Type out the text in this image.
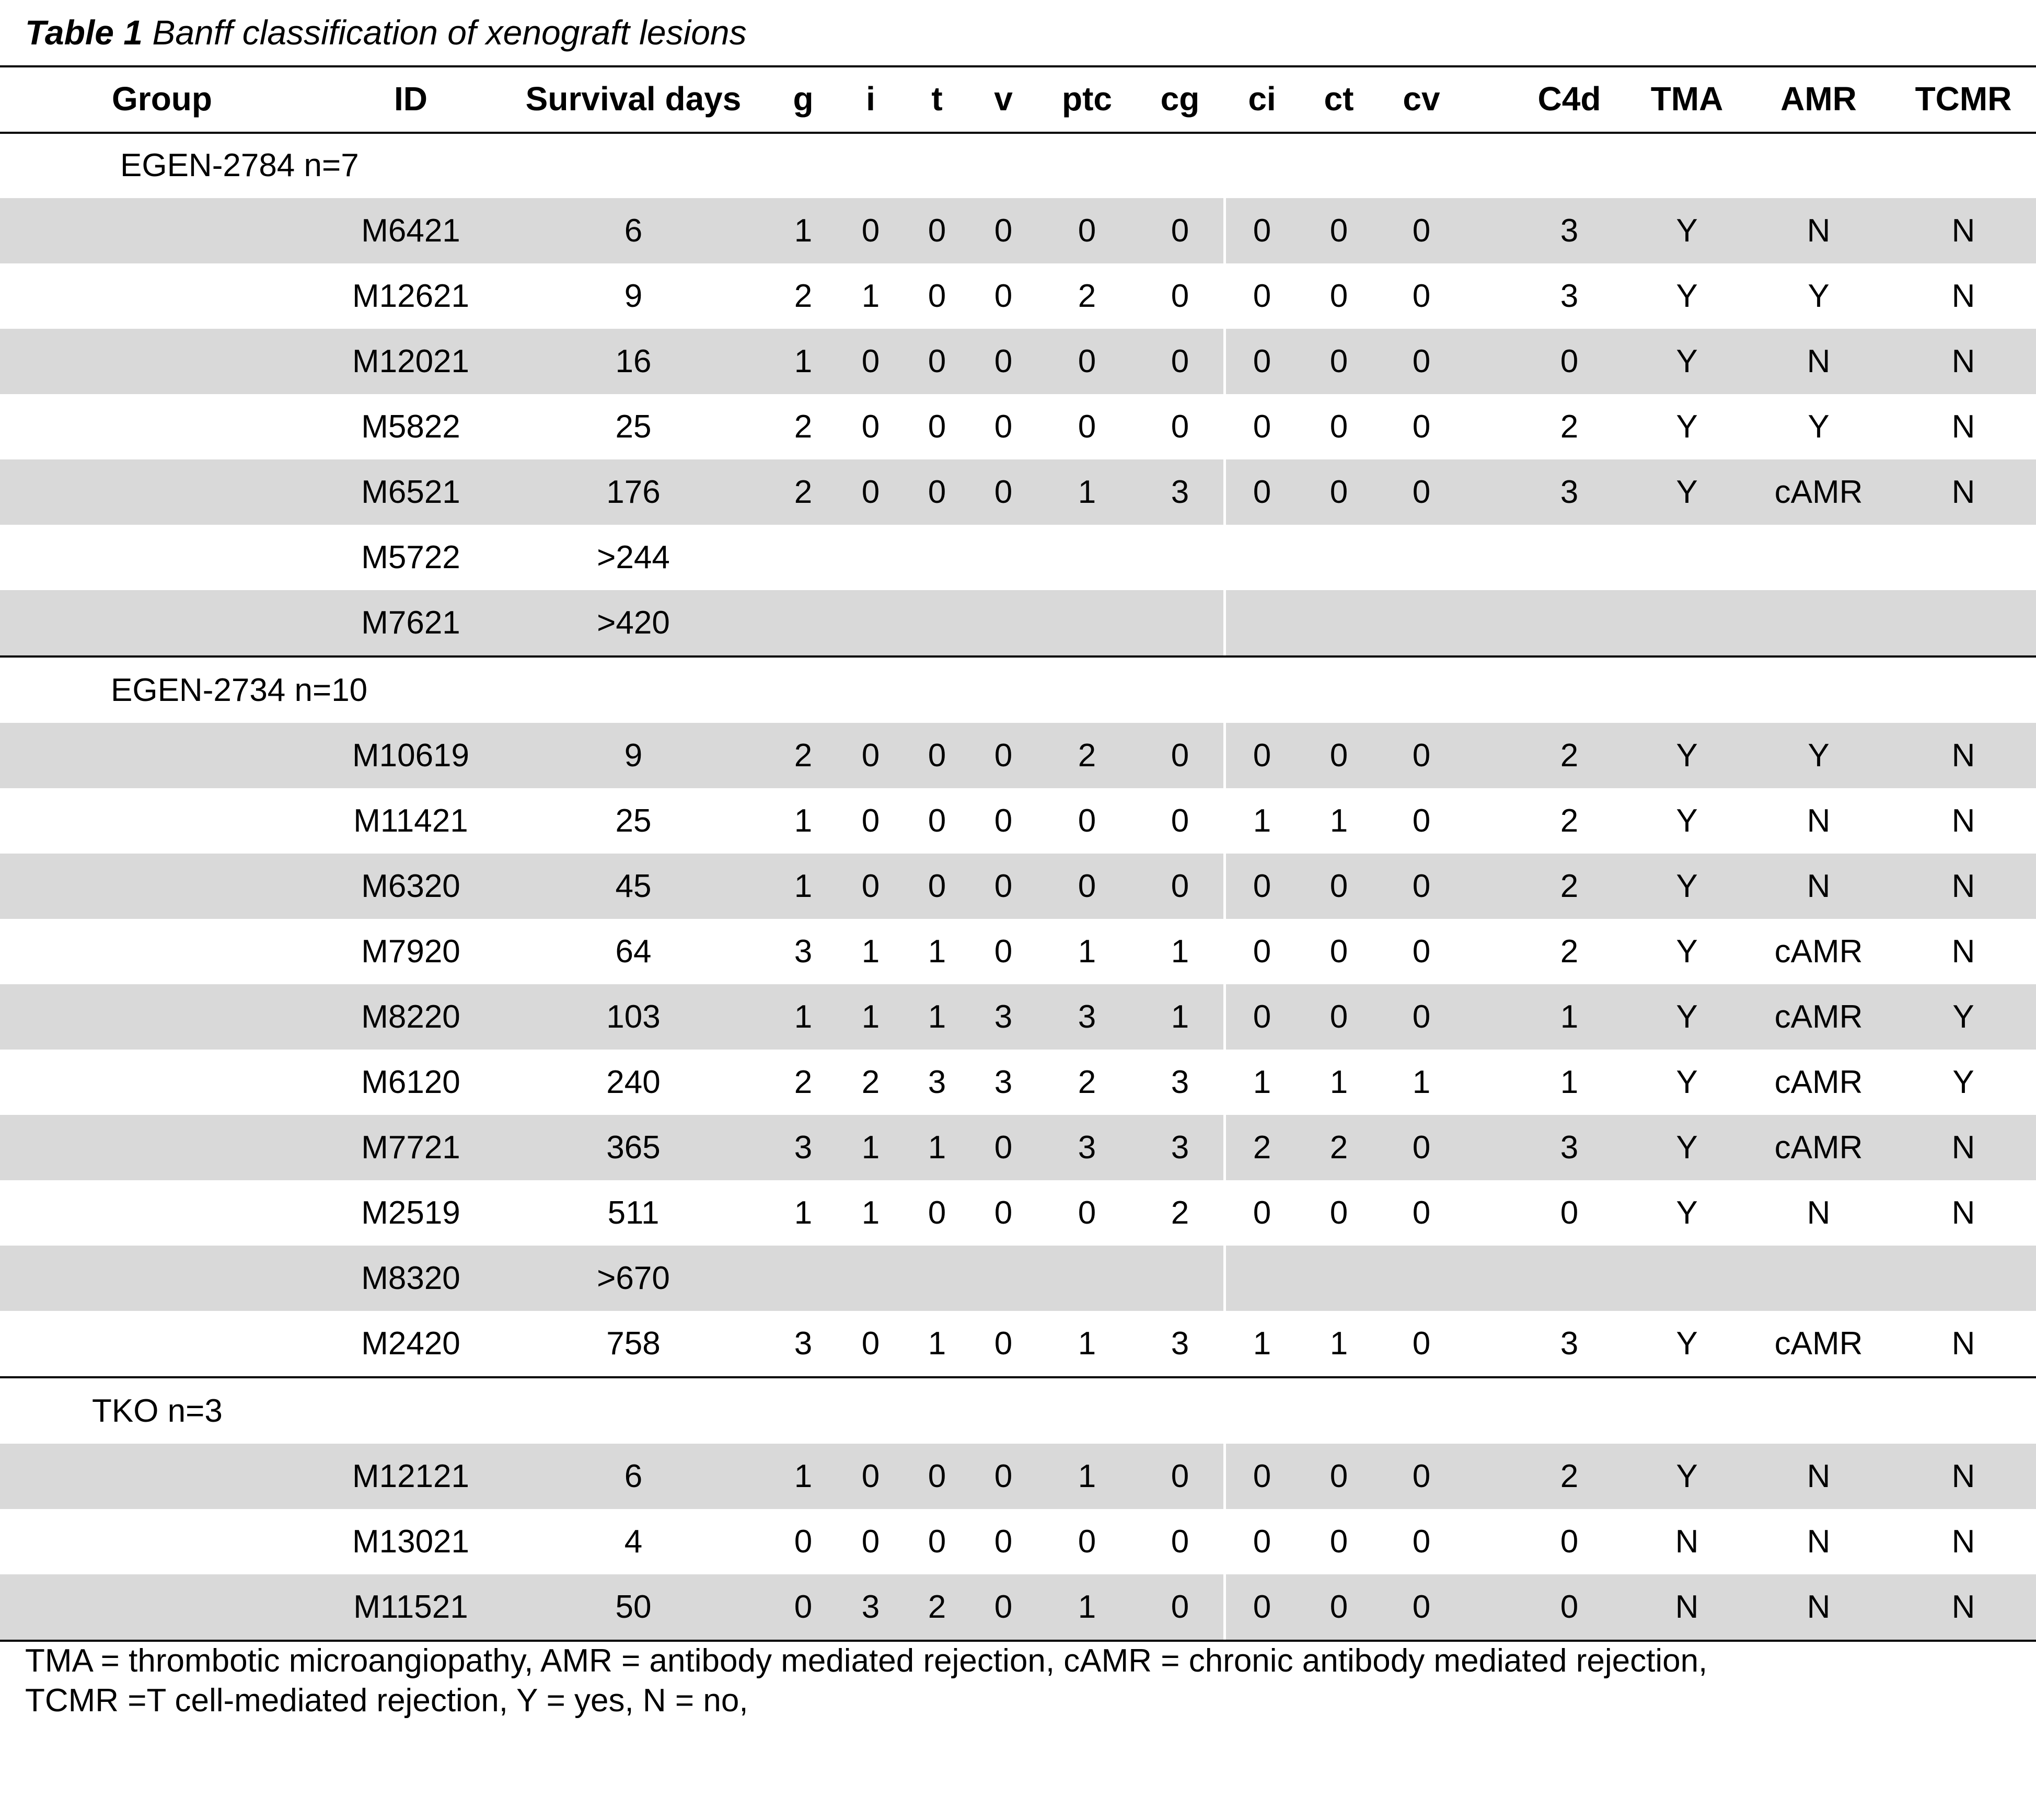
Table 1 Banff classification of xenograft lesions
Group	ID	Survival days g i t v ptc cg ci ct cv	C4d TMA AMR TCMR
EGEN-2784 n=7
M6421	6	1 0 0 0 0 0 0 0 0	3	Y	N	N
M12621	9	2 1 0 0 2 0 0 0 0	3	Y	Y	N
M12021	16	1 0 0 0 0 0 0 0 0	0	Y	N	N
M5822	25	2 0 0 0 0 0 0 0 0	2	Y	Y	N
M6521	176	2 0 0 0 1 3 0 0 0	3	Y cAMR	N
M5722	>244
M7621	>420
EGEN-2734 n=10
M10619	9	2 0 0 0 2 0 0 0 0	2	Y	Y	N
M11421	25	1 0 0 0 0 0 1 1 0	2	Y	N	N
M6320	45	1 0 0 0 0 0 0 0 0	2	Y	N	N
M7920	64	3 1 1 0 1 1 0 0 0	2	Y cAMR	N
M8220	103	1 1 1 3 3 1 0 0 0	1	Y cAMR	Y
M6120	240	2 2 3 3 2 3 1 1 1	1	Y cAMR	Y
M7721	365	3 1 1 0 3 3 2 2 0	3	Y cAMR	N
M2519	511	1 1 0 0 0 2 0 0 0	0	Y	N	N
M8320	>670
M2420	758	3 0 1 0 1 3 1 1 0	3	Y cAMR	N
TKO n=3
M12121	6	1 0 0 0 1 0 0 0 0	2	Y	N	N
M13021	4	0 0 0 0 0 0 0 0 0	0	N	N	N
M11521	50	0 3 2 0 1 0 0 0 0	0	N	N	N
TMA = thrombotic microangiopathy, AMR = antibody mediated rejection, cAMR = chronic antibody mediated rejection,
TCMR =T cell-mediated rejection, Y = yes, N = no,
